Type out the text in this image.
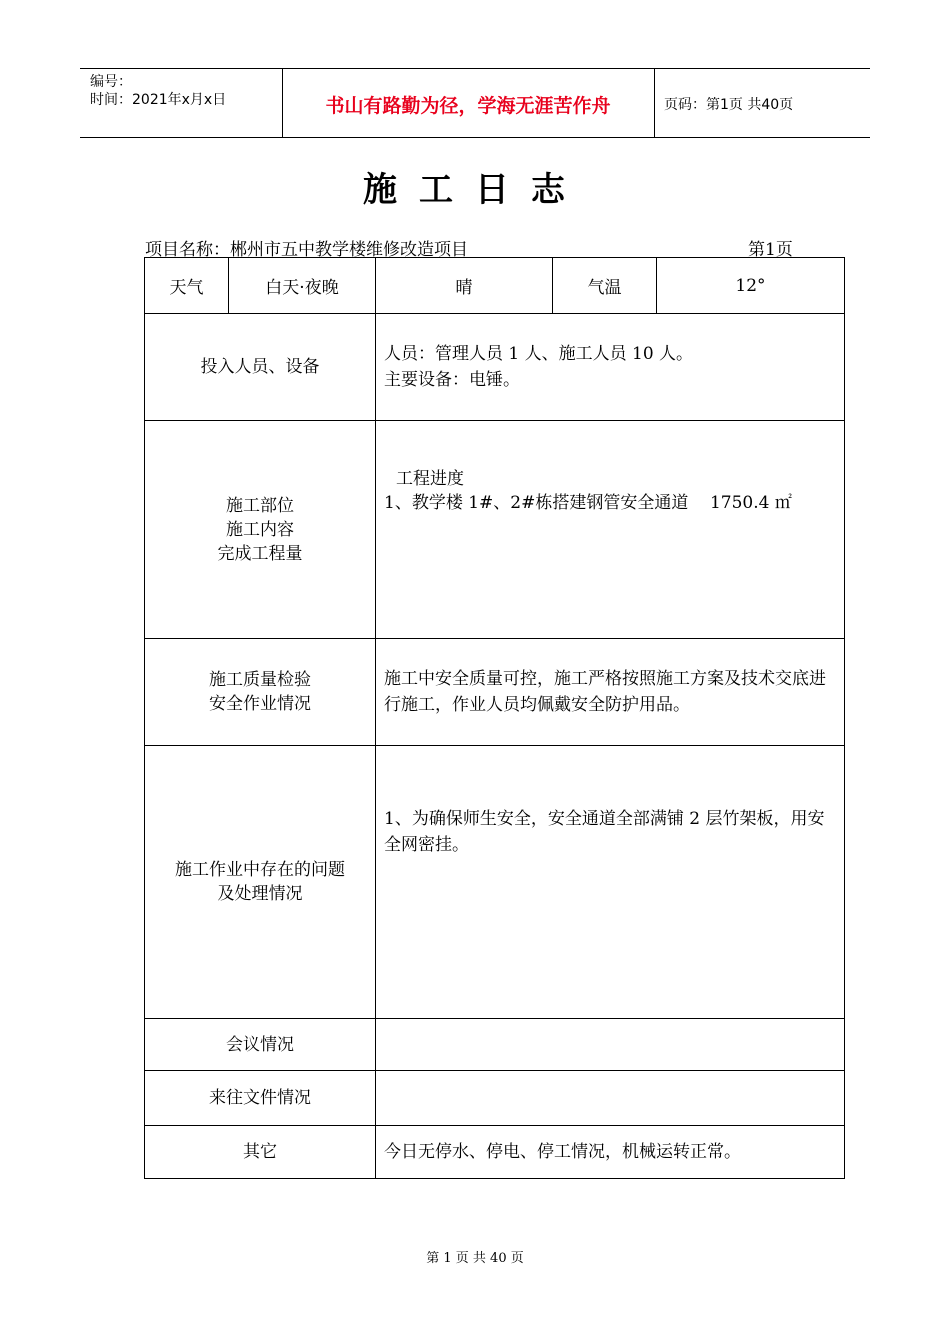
编号：
时间：2021年x月x日	书山有路勤为径，学海无涯苦作舟	页码：第1页 共40页
施工日志
项目名称：郴州市五中教学楼维修改造项目	第1页
天气	白天·夜晚	晴	气温	12°
投入人员、设备		人员：管理人员 1 人、施工人员 10 人。
主要设备：电锤。		

施工部位
施工内容
完成工程量		工程进度
1、教学楼 1#、2#栋搭建钢管安全通道    1750.4 ㎡		

施工质量检验
安全作业情况		施工中安全质量可控，施工严格按照施工方案及技术交底进行施工，作业人员均佩戴安全防护用品。		

施工作业中存在的问题
及处理情况		1、为确保师生安全，安全通道全部满铺 2 层竹架板，用安全网密挂。		
会议情况				
来往文件情况				
其它		今日无停水、停电、停工情况，机械运转正常。		
第 1 页 共 40 页
